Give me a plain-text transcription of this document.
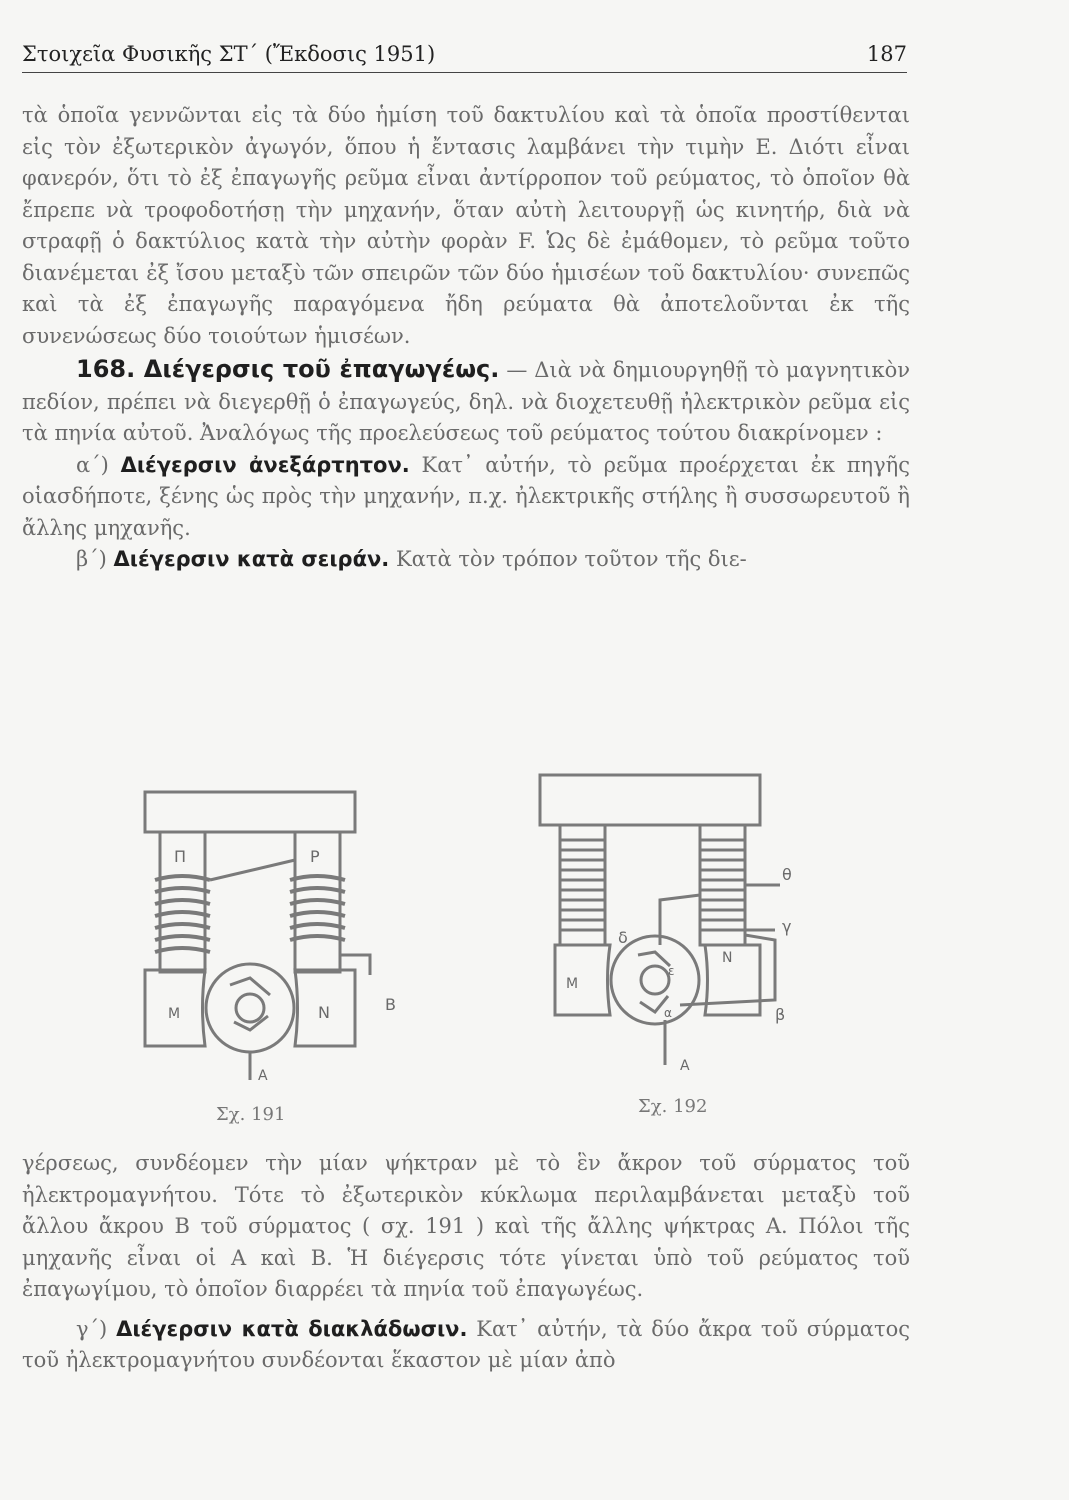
Στοιχεῖα Φυσικῆς ΣΤ΄ (Ἔκδοσις 1951)	187

τὰ ὁποῖα γεννῶνται εἰς τὰ δύο ἡμίση τοῦ δακτυλίου καὶ τὰ ὁποῖα προστίθενται εἰς τὸν ἐξωτερικὸν ἀγωγόν, ὅπου ἡ ἔντασις λαμβάνει τὴν τιμὴν Ε. Διότι εἶναι φανερόν, ὅτι τὸ ἐξ ἐπαγωγῆς ρεῦμα εἶναι ἀντίρροπον τοῦ ρεύματος, τὸ ὁποῖον θὰ ἔπρεπε νὰ τροφοδοτήσῃ τὴν μηχανήν, ὅταν αὐτὴ λειτουργῇ ὡς κινητήρ, διὰ νὰ στραφῇ ὁ δακτύλιος κατὰ τὴν αὐτὴν φορὰν F. Ὡς δὲ ἐμάθομεν, τὸ ρεῦμα τοῦτο διανέμεται ἐξ ἴσου μεταξὺ τῶν σπειρῶν τῶν δύο ἡμισέων τοῦ δακτυλίου· συνεπῶς καὶ τὰ ἐξ ἐπαγωγῆς παραγόμενα ἤδη ρεύματα θὰ ἀποτελοῦνται ἐκ τῆς συνενώσεως δύο τοιούτων ἡμισέων.

168. Διέγερσις τοῦ ἐπαγωγέως. — Διὰ νὰ δημιουργηθῇ τὸ μαγνητικὸν πεδίον, πρέπει νὰ διεγερθῇ ὁ ἐπαγωγεύς, δηλ. νὰ διοχετευθῇ ἠλεκτρικὸν ρεῦμα εἰς τὰ πηνία αὐτοῦ. Ἀναλόγως τῆς προελεύσεως τοῦ ρεύματος τούτου διακρίνομεν :

α΄) Διέγερσιν ἀνεξάρτητον. Κατ᾽ αὐτήν, τὸ ρεῦμα προέρχεται ἐκ πηγῆς οἱασδήποτε, ξένης ὡς πρὸς τὴν μηχανήν, π.χ. ἠλεκτρικῆς στήλης ἢ συσσωρευτοῦ ἢ ἄλλης μηχανῆς.

β΄) Διέγερσιν κατὰ σειράν. Κατὰ τὸν τρόπον τοῦτον τῆς διε-

Π	Ρ
Μ	Ν
Α
Β
Σχ. 191
Μ
Ν
Α
α	β
γ
δ
ε
θ
Σχ. 192

γέρσεως, συνδέομεν τὴν μίαν ψήκτραν μὲ τὸ ἓν ἄκρον τοῦ σύρματος τοῦ ἠλεκτρομαγνήτου. Τότε τὸ ἐξωτερικὸν κύκλωμα περιλαμβάνεται μεταξὺ τοῦ ἄλλου ἄκρου Β τοῦ σύρματος ( σχ. 191 ) καὶ τῆς ἄλλης ψήκτρας Α. Πόλοι τῆς μηχανῆς εἶναι οἱ Α καὶ Β. Ἡ διέγερσις τότε γίνεται ὑπὸ τοῦ ρεύματος τοῦ ἐπαγωγίμου, τὸ ὁποῖον διαρρέει τὰ πηνία τοῦ ἐπαγωγέως.

γ΄) Διέγερσιν κατὰ διακλάδωσιν. Κατ᾽ αὐτήν, τὰ δύο ἄκρα τοῦ σύρματος τοῦ ἠλεκτρομαγνήτου συνδέονται ἕκαστον μὲ μίαν ἀπὸ
